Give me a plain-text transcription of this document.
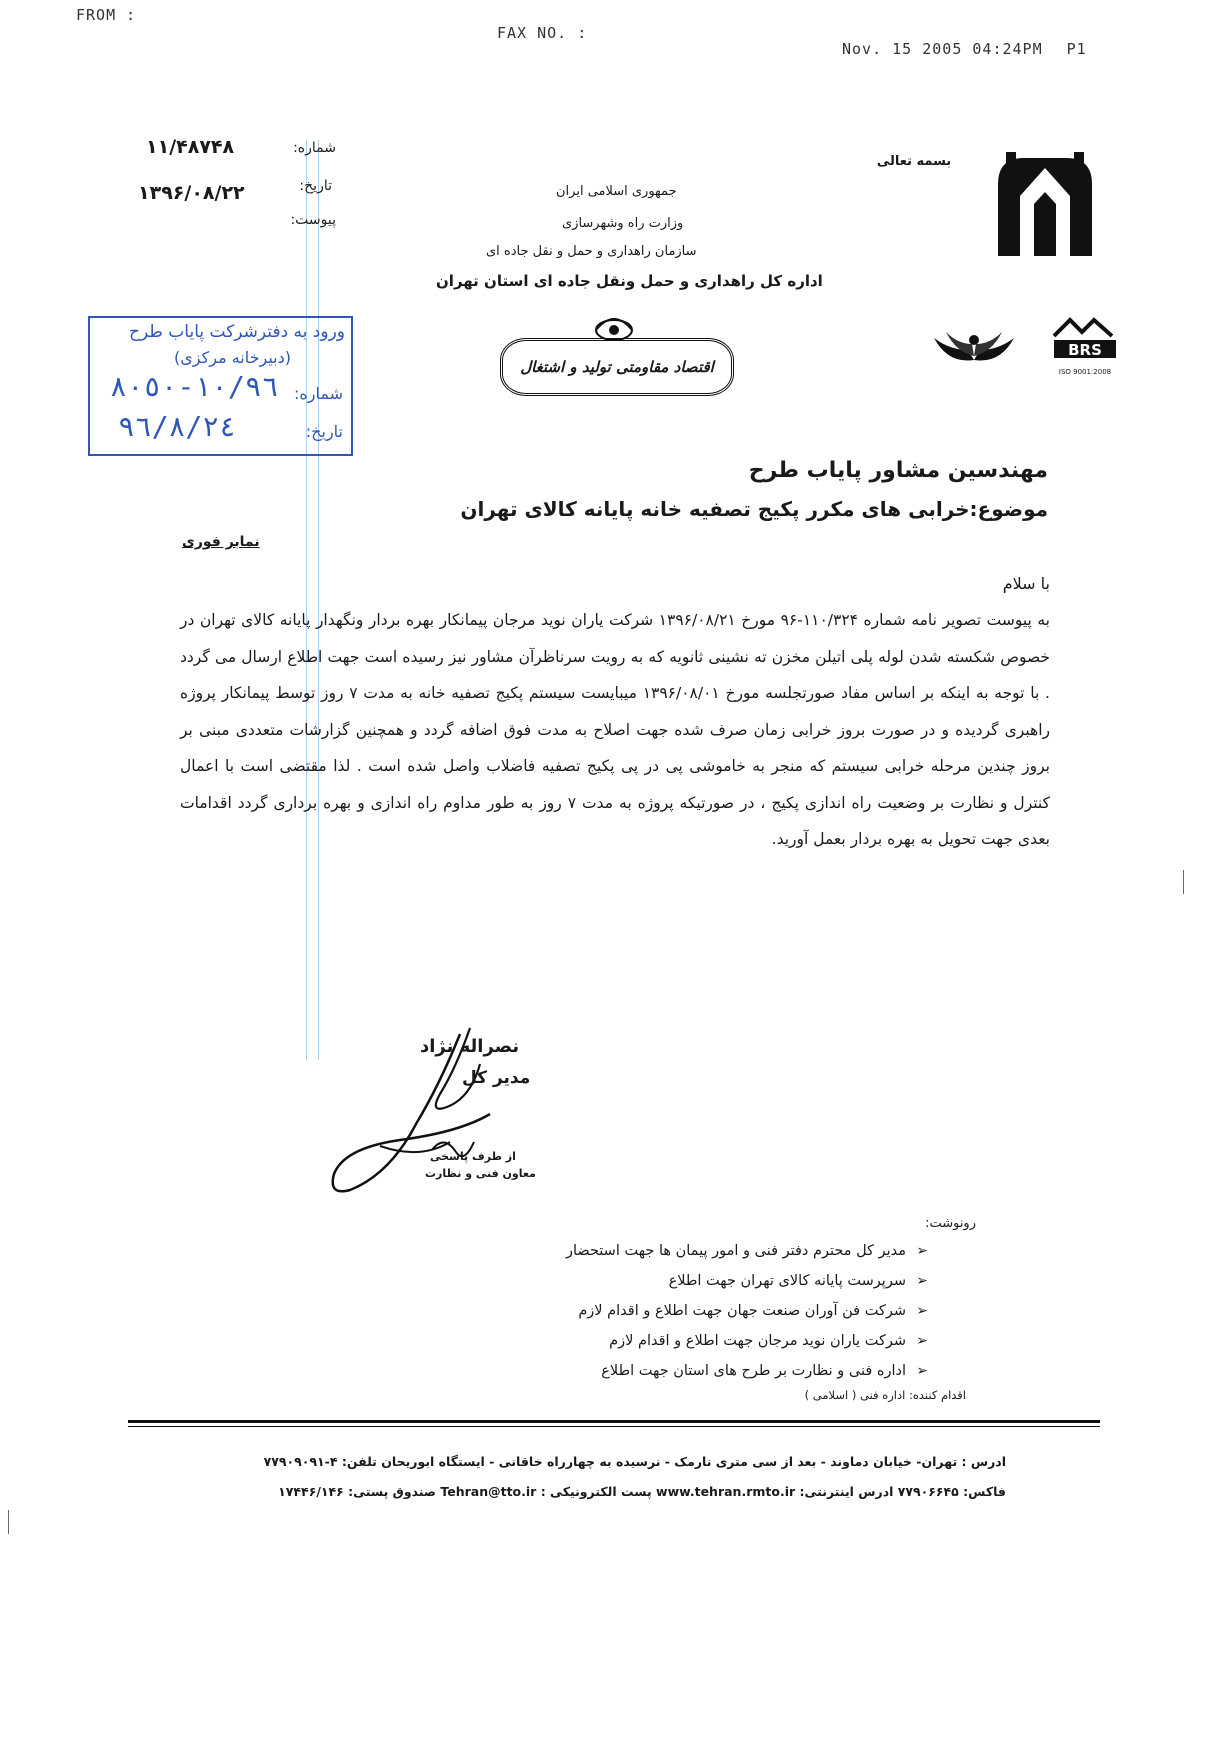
FROM :
FAX NO. :
Nov. 15 2005 04:24PM P1
شماره:
۱۱/۴۸۷۴۸
تاریخ:
۱۳۹۶/۰۸/۲۲
پیوست:
بسمه تعالی
جمهوری اسلامی ایران
وزارت راه وشهرسازی
سازمان راهداری و حمل و نقل جاده ای
اداره کل راهداری و حمل ونقل جاده ای استان تهران
BRS
ISO 9001:2008
اقتصاد مقاومتی تولید و اشتغال
ورود به دفترشرکت پایاب طرح
(دبیرخانه مرکزی)
شماره:
١٠/٩٦-٨٠٥٠
تاریخ:
٩٦/٨/٢٤
مهندسین مشاور پایاب طرح
موضوع:خرابی های مکرر پکیج تصفیه خانه پایانه کالای تهران
نمابر فوری
با سلام
به پیوست تصویر نامه شماره ۱۱۰/۳۲۴-۹۶ مورخ ۱۳۹۶/۰۸/۲۱ شرکت یاران نوید مرجان پیمانکار بهره بردار ونگهدار پایانه کالای تهران در خصوص شکسته شدن لوله پلی اتیلن مخزن ته نشینی ثانویه که به رویت سرناظرآن مشاور نیز رسیده است جهت اطلاع ارسال می گردد . با توجه به اینکه بر اساس مفاد صورتجلسه مورخ ۱۳۹۶/۰۸/۰۱ میبایست سیستم پکیج تصفیه خانه به مدت ۷ روز توسط پیمانکار پروژه راهبری گردیده و در صورت بروز خرابی زمان صرف شده جهت اصلاح به مدت فوق اضافه گردد و همچنین گزارشات متعددی مبنی بر بروز چندین مرحله خرابی سیستم که منجر به خاموشی پی در پی پکیج تصفیه فاضلاب واصل شده است . لذا مقتضی است با اعمال کنترل و نظارت بر وضعیت راه اندازی پکیج ، در صورتیکه پروژه به مدت ۷ روز به طور مداوم راه اندازی و بهره برداری گردد اقدامات بعدی جهت تحویل به بهره بردار بعمل آورید.
نصراله نژاد
مدیر کل
از طرف پاسخی
معاون فنی و نظارت
رونوشت:
➢مدیر کل محترم دفتر فنی و امور پیمان ها جهت استحضار
➢سرپرست پایانه کالای تهران جهت اطلاع
➢شرکت فن آوران صنعت جهان جهت اطلاع و اقدام لازم
➢شرکت یاران نوید مرجان جهت اطلاع و اقدام لازم
➢اداره فنی و نظارت بر طرح های استان جهت اطلاع
اقدام کننده: اداره فنی ( اسلامی )
ادرس : تهران- خیابان دماوند - بعد از سی متری نارمک - نرسیده به چهارراه خاقانی - ایستگاه ابوریحان تلفن: ۴-۷۷۹۰۹۰۹۱
فاکس: ۷۷۹۰۶۶۴۵ ادرس اینترنتی: www.tehran.rmto.ir پست الکترونیکی : Tehran@tto.ir صندوق پستی: ۱۷۴۴۶/۱۴۶
